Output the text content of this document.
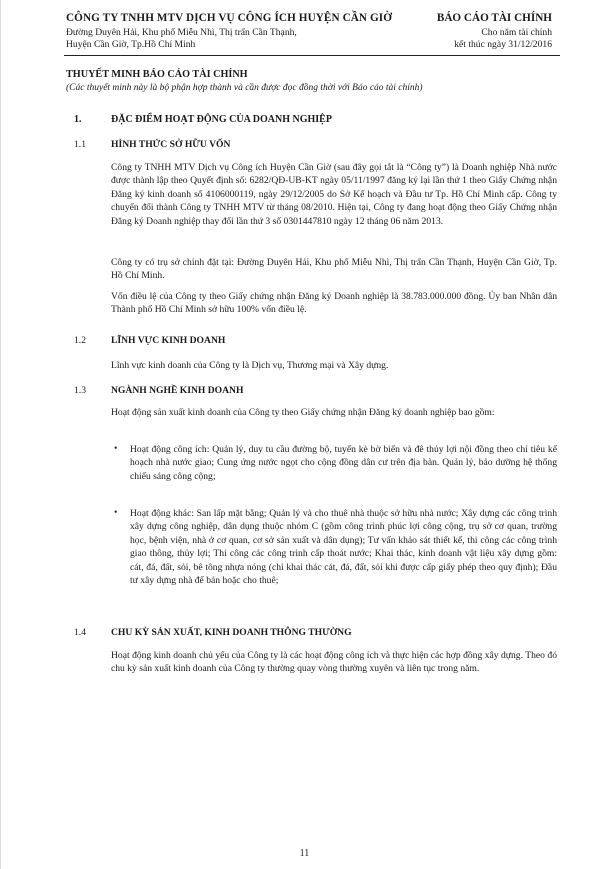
CÔNG TY TNHH MTV DỊCH VỤ CÔNG ÍCH HUYỆN CẦN GIỜ
Đường Duyên Hải, Khu phố Miễu Nhì, Thị trấn Cần Thạnh,
Huyện Cần Giờ, Tp.Hồ Chí Minh
BÁO CÁO TÀI CHÍNH
Cho năm tài chính
kết thúc ngày 31/12/2016
THUYẾT MINH BÁO CÁO TÀI CHÍNH
(Các thuyết minh này là bộ phận hợp thành và cần được đọc đồng thời với Báo cáo tài chính)
1.	ĐẶC ĐIỂM HOẠT ĐỘNG CỦA DOANH NGHIỆP
1.1	HÌNH THỨC SỞ HỮU VỐN
Công ty TNHH MTV Dịch vụ Công ích Huyện Cần Giờ (sau đây gọi tắt là “Công ty”) là Doanh nghiệp Nhà nước được thành lập theo Quyết định số: 6282/QĐ-UB-KT ngày 05/11/1997 đăng ký lại lần thứ 1 theo Giấy Chứng nhận Đăng ký kinh doanh số 4106000119, ngày 29/12/2005 do Sở Kế hoạch và Đầu tư Tp. Hồ Chí Minh cấp. Công ty chuyển đổi thành Công ty TNHH MTV từ tháng 08/2010. Hiện tại, Công ty đang hoạt động theo Giấy Chứng nhận Đăng ký Doanh nghiệp thay đổi lần thứ 3 số 0301447810 ngày 12 tháng 06 năm 2013.
Công ty có trụ sở chính đặt tại: Đường Duyên Hải, Khu phố Miễu Nhì, Thị trấn Cần Thạnh, Huyện Cần Giờ, Tp. Hồ Chí Minh.
Vốn điều lệ của Công ty theo Giấy chứng nhận Đăng ký Doanh nghiệp là 38.783.000.000 đồng. Ủy ban Nhân dân Thành phố Hồ Chí Minh sở hữu 100% vốn điều lệ.
1.2	LĨNH VỰC KINH DOANH
Lĩnh vực kinh doanh của Công ty là Dịch vụ, Thương mại và Xây dựng.
1.3	NGÀNH NGHỀ KINH DOANH
Hoạt động sản xuất kinh doanh của Công ty theo Giấy chứng nhận Đăng ký doanh nghiệp bao gồm:
• Hoạt động công ích: Quản lý, duy tu cầu đường bộ, tuyến kè bờ biển và đê thủy lợi nội đồng theo chỉ tiêu kế hoạch nhà nước giao; Cung ứng nước ngọt cho cộng đồng dân cư trên địa bàn. Quản lý, bảo dưỡng hệ thống chiếu sáng công cộng;
• Hoạt động khác: San lấp mặt bằng; Quản lý và cho thuê nhà thuộc sở hữu nhà nước; Xây dựng các công trình xây dựng công nghiệp, dân dụng thuộc nhóm C (gồm công trình phúc lợi công cộng, trụ sở cơ quan, trường học, bệnh viện, nhà ở cơ quan, cơ sở sản xuất và dân dụng); Tư vấn khảo sát thiết kế, thi công các công trình giao thông, thủy lợi; Thi công các công trình cấp thoát nước; Khai thác, kinh doanh vật liệu xây dựng gồm: cát, đá, đất, sỏi, bê tông nhựa nóng (chỉ khai thác cát, đá, đất, sỏi khi được cấp giấy phép theo quy định); Đầu tư xây dựng nhà để bán hoặc cho thuê;
1.4	CHU KỲ SẢN XUẤT, KINH DOANH THÔNG THƯỜNG
Hoạt động kinh doanh chủ yếu của Công ty là các hoạt động công ích và thực hiện các hợp đồng xây dựng. Theo đó chu kỳ sản xuất kinh doanh của Công ty thường quay vòng thường xuyên và liên tục trong năm.
11
